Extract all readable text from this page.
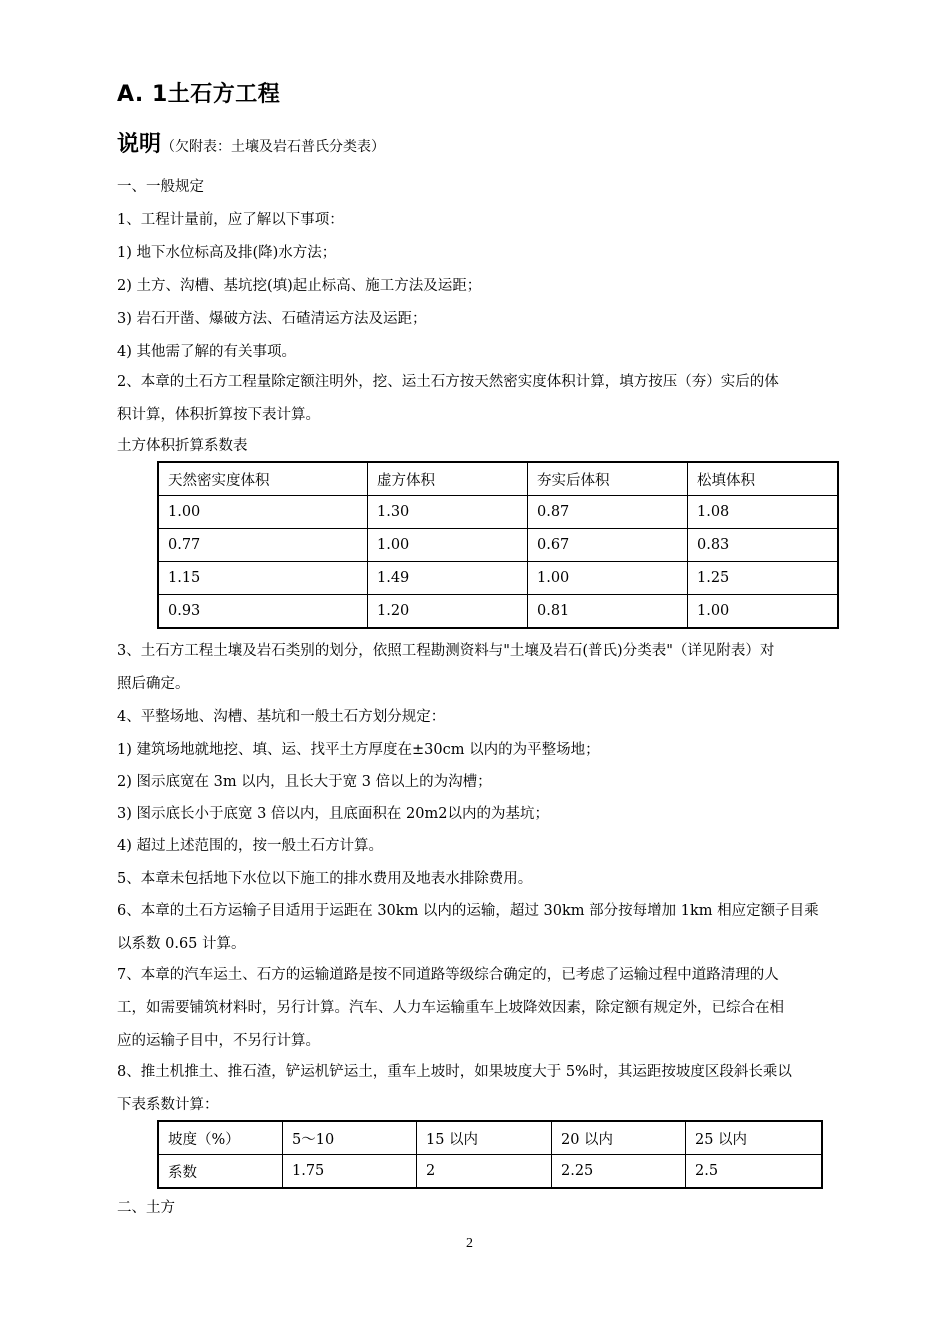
A. 1土石方工程
说明（欠附表：土壤及岩石普氏分类表）
一、一般规定
1、工程计量前，应了解以下事项：
1) 地下水位标高及排(降)水方法；
2) 土方、沟槽、基坑挖(填)起止标高、施工方法及运距；
3) 岩石开凿、爆破方法、石碴清运方法及运距；
4) 其他需了解的有关事项。
2、本章的土石方工程量除定额注明外，挖、运土石方按天然密实度体积计算，填方按压（夯）实后的体
积计算，体积折算按下表计算。
土方体积折算系数表
天然密实度体积	虚方体积	夯实后体积	松填体积
1.00	1.30	0.87	1.08
0.77	1.00	0.67	0.83
1.15	1.49	1.00	1.25
0.93	1.20	0.81	1.00
3、土石方工程土壤及岩石类别的划分，依照工程勘测资料与"土壤及岩石(普氏)分类表"（详见附表）对
照后确定。
4、平整场地、沟槽、基坑和一般土石方划分规定：
1) 建筑场地就地挖、填、运、找平土方厚度在±30cm 以内的为平整场地；
2) 图示底宽在 3m 以内，且长大于宽 3 倍以上的为沟槽；
3) 图示底长小于底宽 3 倍以内，且底面积在 20m2以内的为基坑；
4) 超过上述范围的，按一般土石方计算。
5、本章未包括地下水位以下施工的排水费用及地表水排除费用。
6、本章的土石方运输子目适用于运距在 30km 以内的运输，超过 30km 部分按每增加 1km 相应定额子目乘
以系数 0.65 计算。
7、本章的汽车运土、石方的运输道路是按不同道路等级综合确定的，已考虑了运输过程中道路清理的人
工，如需要铺筑材料时，另行计算。汽车、人力车运输重车上坡降效因素，除定额有规定外，已综合在相
应的运输子目中，不另行计算。
8、推土机推土、推石渣，铲运机铲运土，重车上坡时，如果坡度大于 5%时，其运距按坡度区段斜长乘以
下表系数计算：
坡度（%）	5～10	15 以内	20 以内	25 以内
系数	1.75	2	2.25	2.5
二、土方
2
